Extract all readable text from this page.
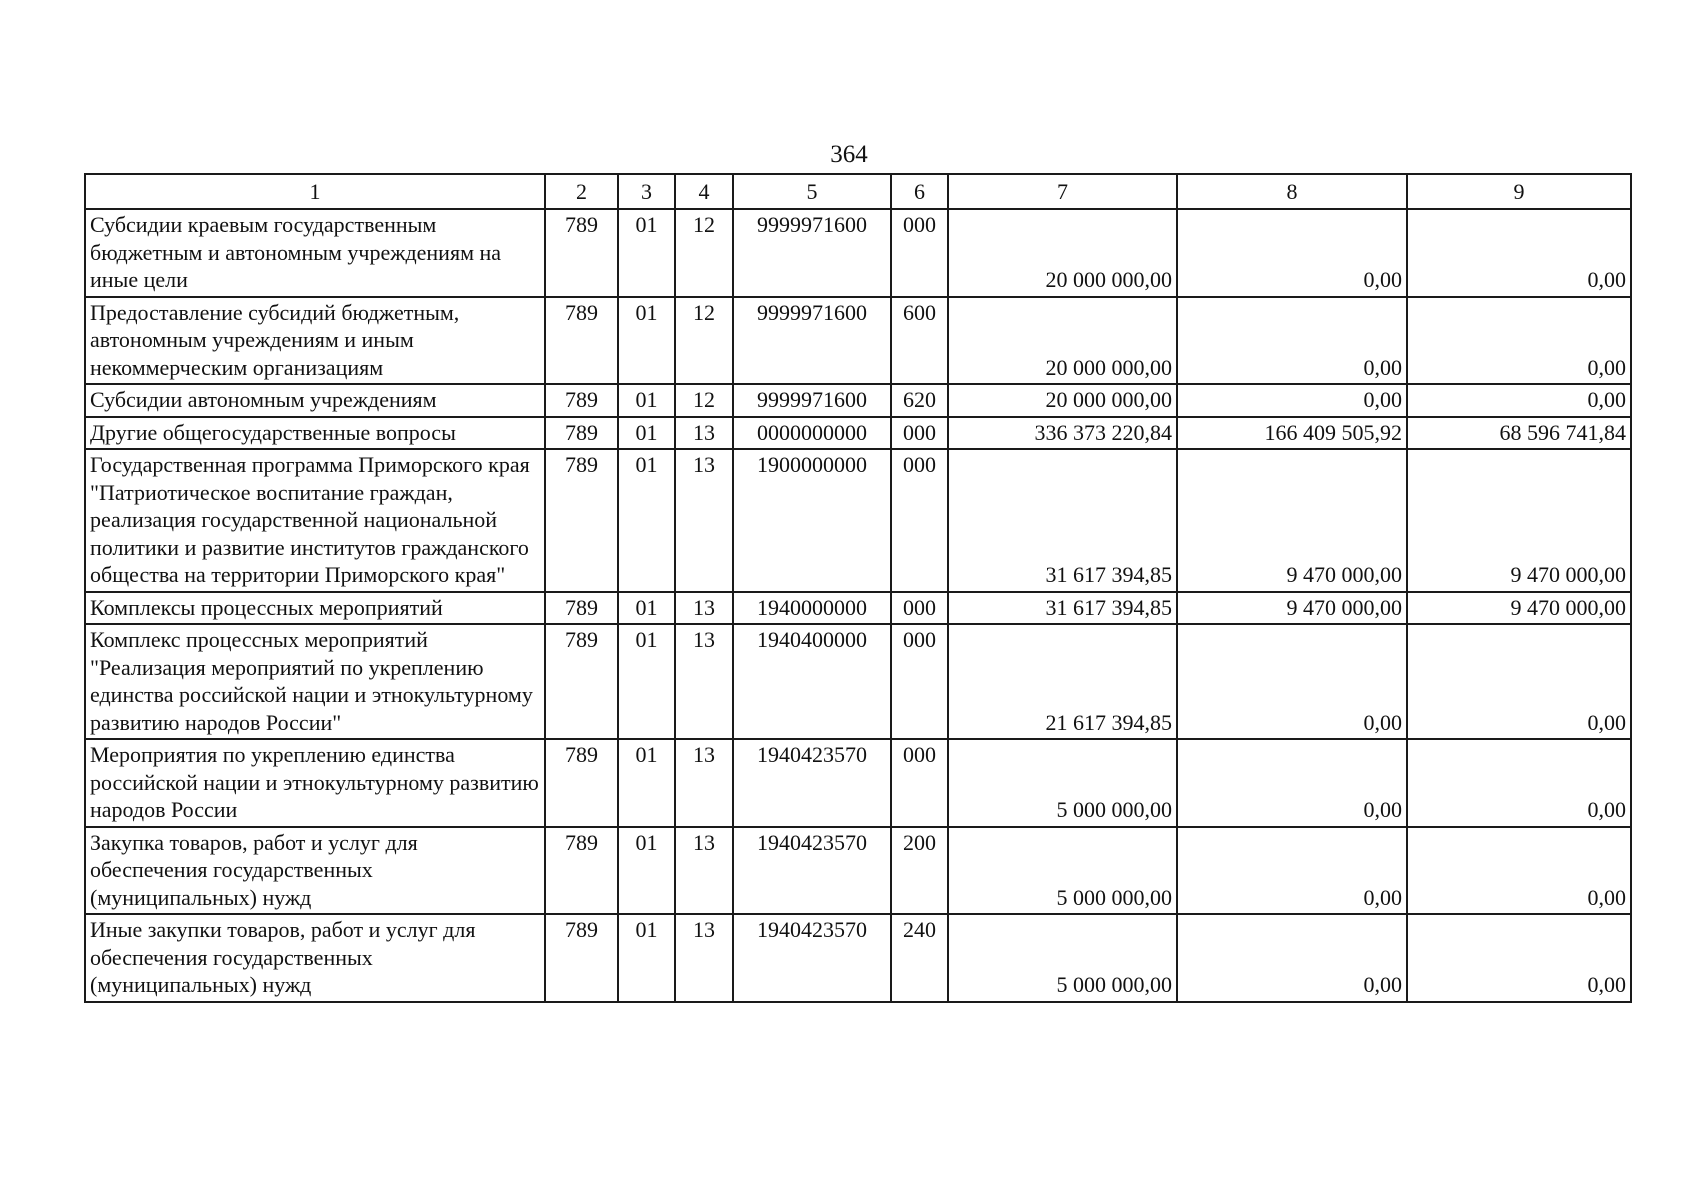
364
1	2	3	4	5	6	7	8	9
Субсидии краевым государственным бюджетным и автономным учреждениям на иные цели	789	01	12	9999971600	000	20 000 000,00	0,00	0,00
Предоставление субсидий бюджетным, автономным учреждениям и иным некоммерческим организациям	789	01	12	9999971600	600	20 000 000,00	0,00	0,00
Субсидии автономным учреждениям	789	01	12	9999971600	620	20 000 000,00	0,00	0,00
Другие общегосударственные вопросы	789	01	13	0000000000	000	336 373 220,84	166 409 505,92	68 596 741,84
Государственная программа Приморского края "Патриотическое воспитание граждан, реализация государственной национальной политики и развитие институтов гражданского общества на территории Приморского края"	789	01	13	1900000000	000	31 617 394,85	9 470 000,00	9 470 000,00
Комплексы процессных мероприятий	789	01	13	1940000000	000	31 617 394,85	9 470 000,00	9 470 000,00
Комплекс процессных мероприятий "Реализация мероприятий по укреплению единства российской нации и этнокультурному развитию народов России"	789	01	13	1940400000	000	21 617 394,85	0,00	0,00
Мероприятия по укреплению единства российской нации и этнокультурному развитию народов России	789	01	13	1940423570	000	5 000 000,00	0,00	0,00
Закупка товаров, работ и услуг для обеспечения государственных (муниципальных) нужд	789	01	13	1940423570	200	5 000 000,00	0,00	0,00
Иные закупки товаров, работ и услуг для обеспечения государственных (муниципальных) нужд	789	01	13	1940423570	240	5 000 000,00	0,00	0,00
